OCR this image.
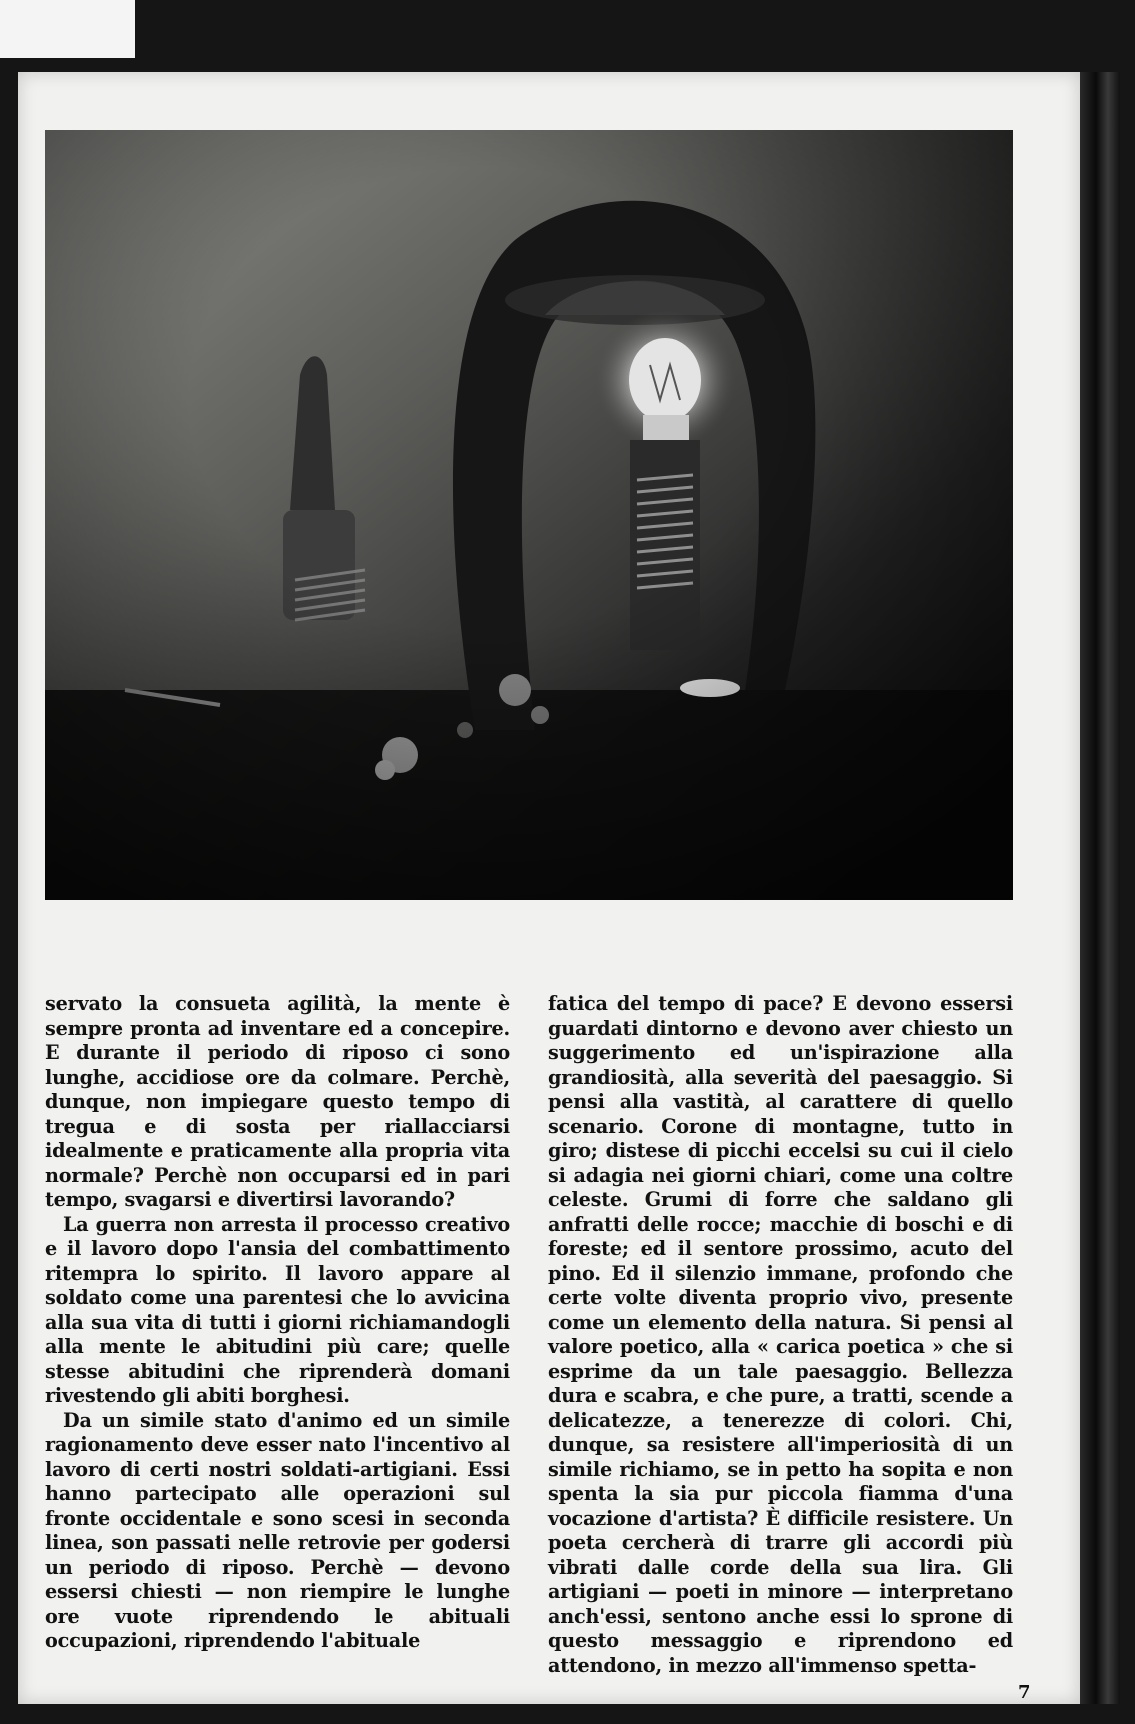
servato la consueta agilità, la mente è sempre pronta ad inventare ed a concepire. E durante il periodo di riposo ci sono lunghe, accidiose ore da colmare. Perchè, dunque, non impiegare questo tempo di tregua e di sosta per riallacciarsi idealmente e praticamente alla propria vita normale? Perchè non occuparsi ed in pari tempo, svagarsi e divertirsi lavorando?

La guerra non arresta il processo creativo e il lavoro dopo l'ansia del combattimento ritempra lo spirito. Il lavoro appare al soldato come una parentesi che lo avvicina alla sua vita di tutti i giorni richiamandogli alla mente le abitudini più care; quelle stesse abitudini che riprenderà domani rivestendo gli abiti borghesi.

Da un simile stato d'animo ed un simile ragionamento deve esser nato l'incentivo al lavoro di certi nostri soldati-artigiani. Essi hanno partecipato alle operazioni sul fronte occidentale e sono scesi in seconda linea, son passati nelle retrovie per godersi un periodo di riposo. Perchè — devono essersi chiesti — non riempire le lunghe ore vuote riprendendo le abituali occupazioni, riprendendo l'abituale

fatica del tempo di pace? E devono essersi guardati dintorno e devono aver chiesto un suggerimento ed un'ispirazione alla grandiosità, alla severità del paesaggio. Si pensi alla vastità, al carattere di quello scenario. Corone di montagne, tutto in giro; distese di picchi eccelsi su cui il cielo si adagia nei giorni chiari, come una coltre celeste. Grumi di forre che saldano gli anfratti delle rocce; macchie di boschi e di foreste; ed il sentore prossimo, acuto del pino. Ed il silenzio immane, profondo che certe volte diventa proprio vivo, presente come un elemento della natura. Si pensi al valore poetico, alla « carica poetica » che si esprime da un tale paesaggio. Bellezza dura e scabra, e che pure, a tratti, scende a delicatezze, a tenerezze di colori. Chi, dunque, sa resistere all'imperiosità di un simile richiamo, se in petto ha sopita e non spenta la sia pur piccola fiamma d'una vocazione d'artista? È difficile resistere. Un poeta cercherà di trarre gli accordi più vibrati dalle corde della sua lira. Gli artigiani — poeti in minore — interpretano anch'essi, sentono anche essi lo sprone di questo messaggio e riprendono ed attendono, in mezzo all'immenso spetta-

7
